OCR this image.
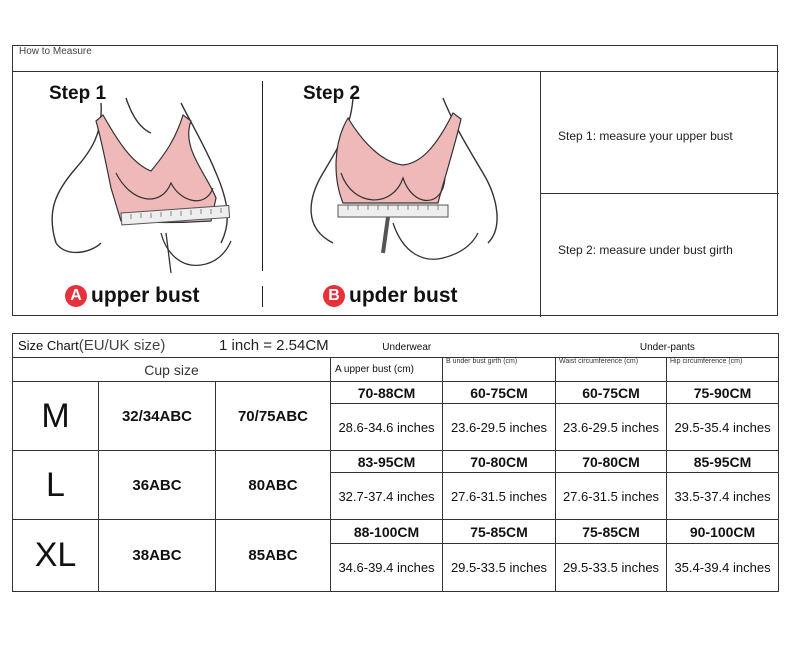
How to Measure
Step 1	Step 2
A upper bust	B upder bust
Step 1: measure your upper bust
Step 2: measure under bust girth
Size Chart(EU/UK size) 1 inch = 2.54CM Underwear Under-pants						
Cup size			A upper bust (cm)	B under bust girth (cm)	Waist circumference (cm)	Hip circumference (cm)
M	32/34ABC	70/75ABC	70-88CM	60-75CM	60-75CM	75-90CM
			28.6-34.6 inches	23.6-29.5 inches	23.6-29.5 inches	29.5-35.4 inches
L	36ABC	80ABC	83-95CM	70-80CM	70-80CM	85-95CM
			32.7-37.4 inches	27.6-31.5 inches	27.6-31.5 inches	33.5-37.4 inches
XL	38ABC	85ABC	88-100CM	75-85CM	75-85CM	90-100CM
			34.6-39.4 inches	29.5-33.5 inches	29.5-33.5 inches	35.4-39.4 inches
